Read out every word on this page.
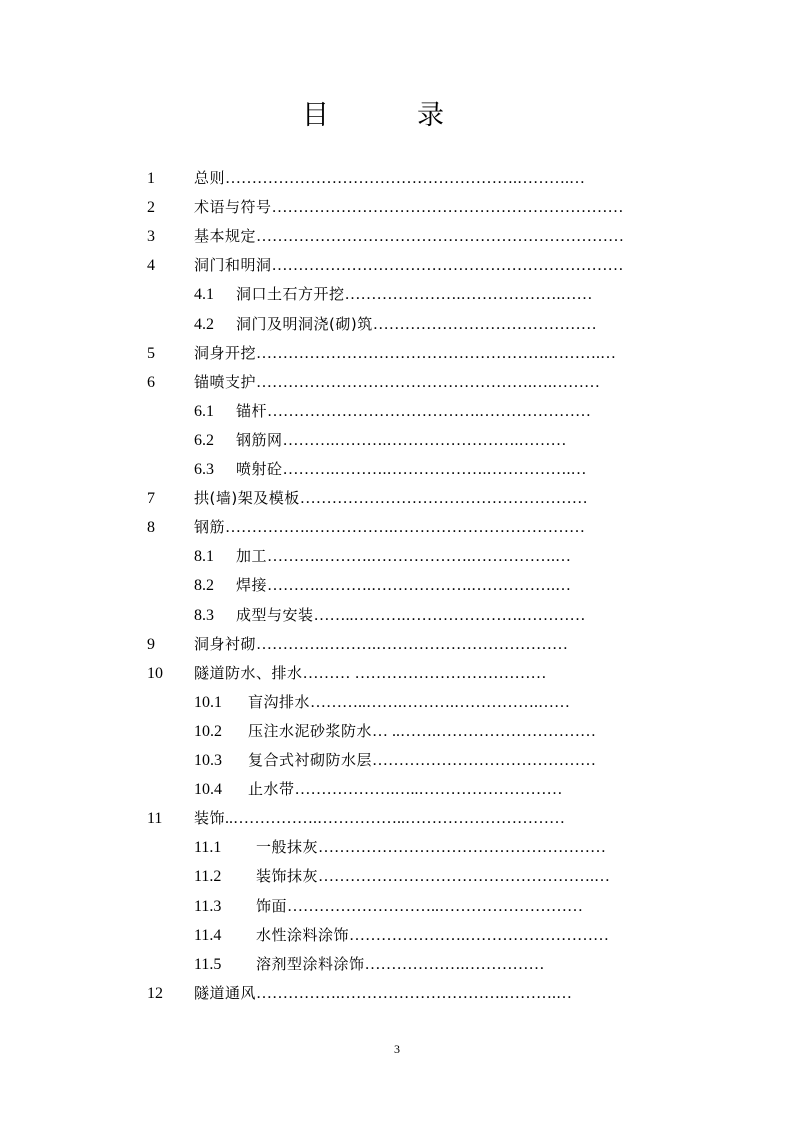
目	录
1	总则 ……………………………………………….……….…
2	术语与符号 …………………………………………………………
3	基本规定 ……………………………………………………………
4	洞门和明洞 …………………………………………………………
4.1 洞口土石方开挖 ………………….……………….……
4.2 洞门及明洞浇(砌)筑 ……………………………………
5	洞身开挖 ……………………………………………….……….…
6	锚喷支护 …………………………………………….….………
6.1 锚杆 ………………………………….…………………
6.2 钢筋网 ……….……….…………………….………
6.3 喷射砼 ……….……….……………….…………….…
7	拱(墙)架及模板 ………………………………………………
8	钢筋 …………….…………….………………………………
8.1 加工 ……….……….……………….…………….…
8.2 焊接 ……….……….……………….…………….…
8.3 成型与安装 ……..……….………………….…………
9	洞身衬砌 ………….……….………………………………
10 隧道防水、排水 ……… ………………………………
10.1 盲沟排水 ………..…….……….…………….……
10.2 压注水泥砂浆防水 … ..…….…………………………
10.3 复合式衬砌防水层 ……………………………………
10.4 止水带 ……………….…..………………………
11 装饰 ..…………….……………..…………………………
11.1 一般抹灰 ………………………………………………
11.2 装饰抹灰 …………………………………………….…
11.3 饰面 ………………………..………………………
11.4 水性涂料涂饰 ………………….………………………
11.5 溶剂型涂料涂饰 ……………….……………
12 隧道通风 …………….………………………….……….…
3
